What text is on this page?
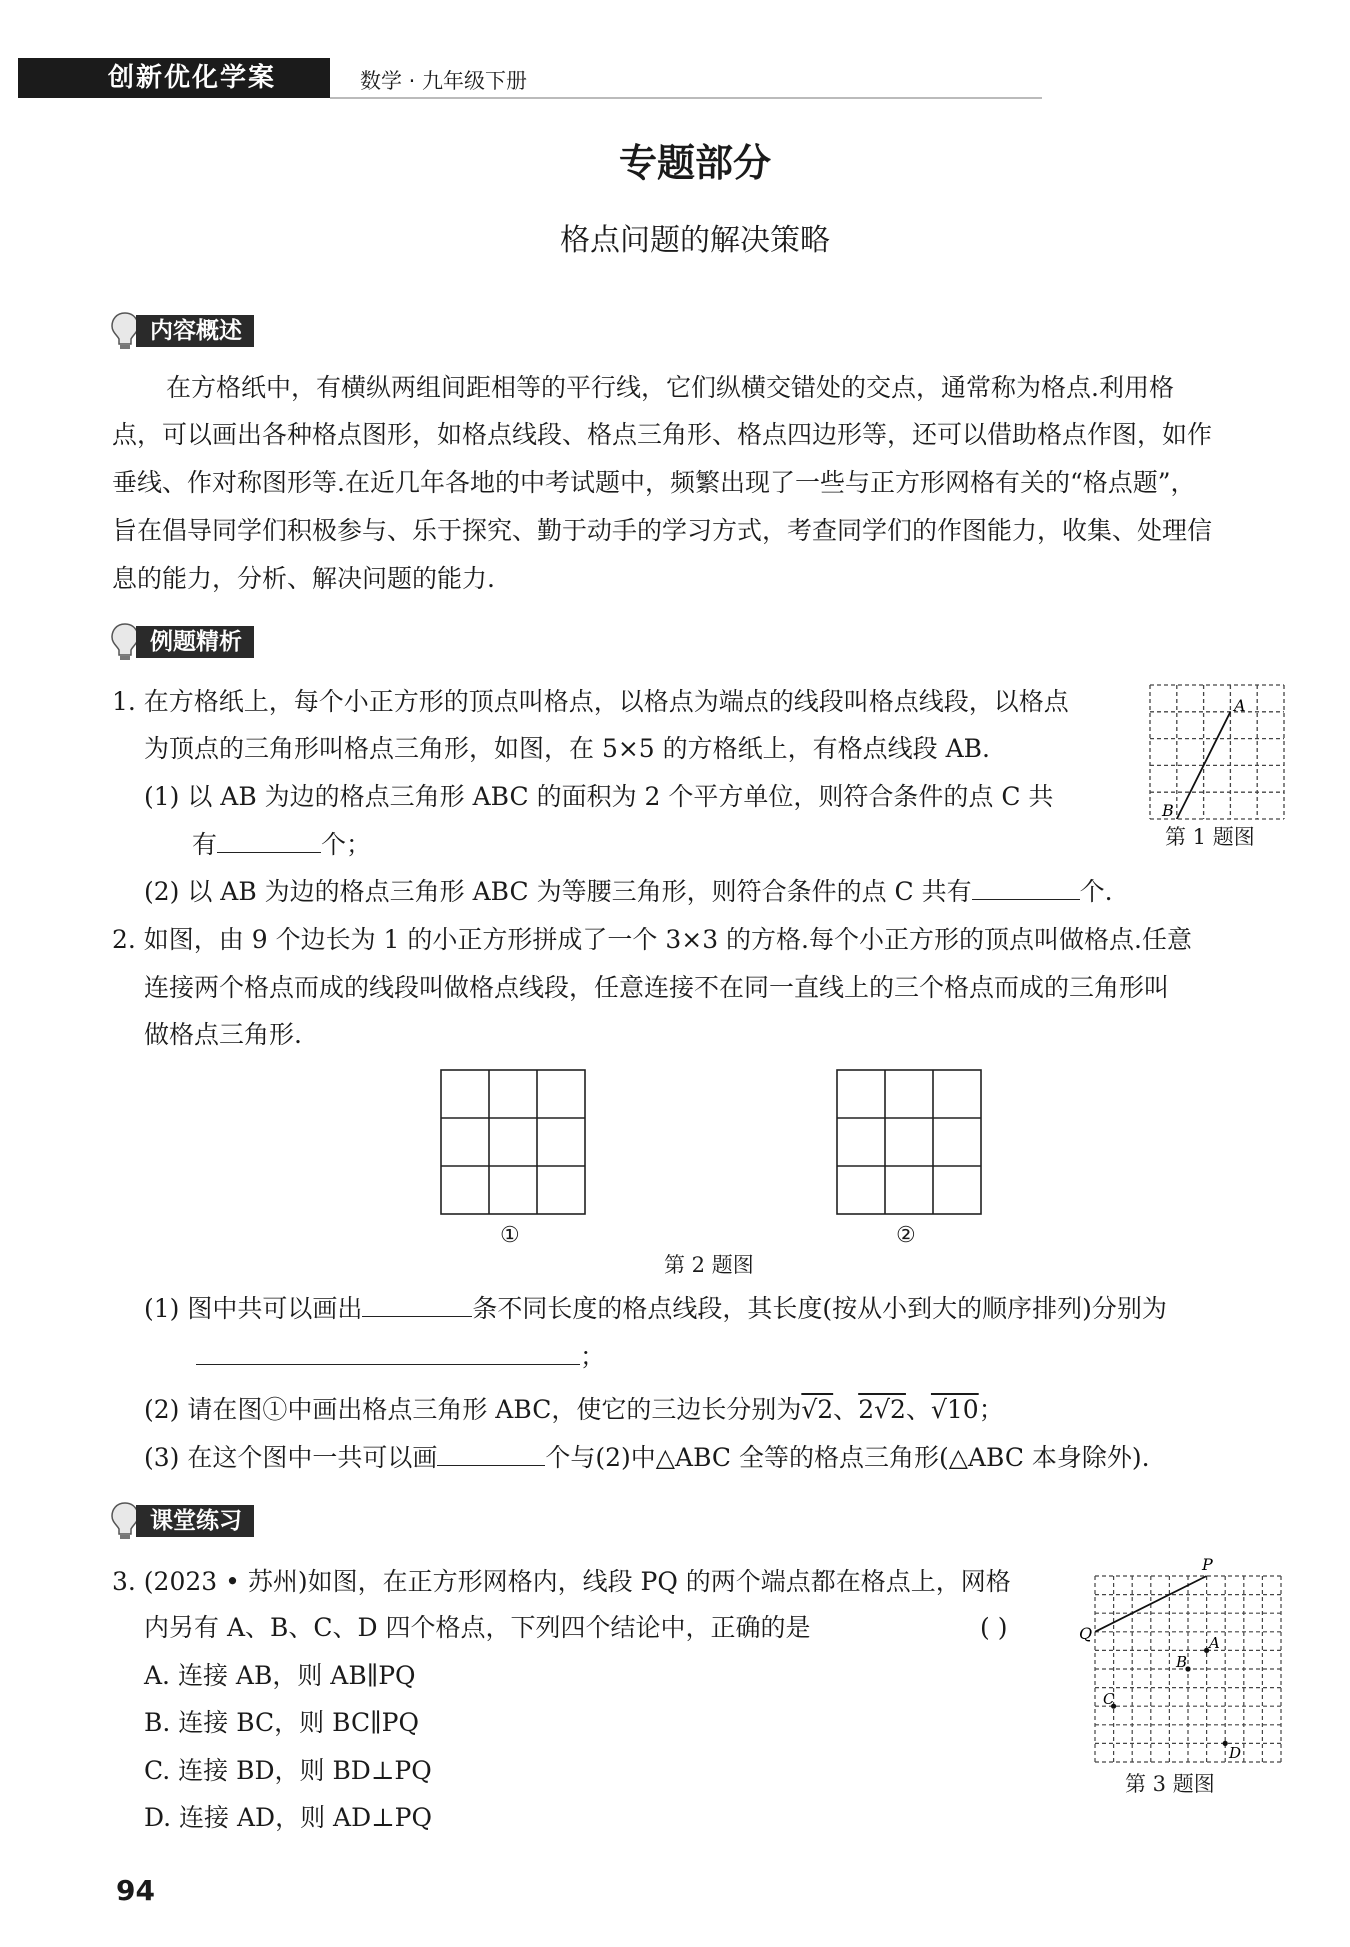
创新优化学案	数学 · 九年级下册
专题部分
格点问题的解决策略
内容概述
在方格纸中，有横纵两组间距相等的平行线，它们纵横交错处的交点，通常称为格点.利用格
点，可以画出各种格点图形，如格点线段、格点三角形、格点四边形等，还可以借助格点作图，如作
垂线、作对称图形等.在近几年各地的中考试题中，频繁出现了一些与正方形网格有关的“格点题”，
旨在倡导同学们积极参与、乐于探究、勤于动手的学习方式，考查同学们的作图能力，收集、处理信
息的能力，分析、解决问题的能力.
例题精析
1. 在方格纸上，每个小正方形的顶点叫格点，以格点为端点的线段叫格点线段，以格点
为顶点的三角形叫格点三角形，如图，在 5×5 的方格纸上，有格点线段 AB.
(1) 以 AB 为边的格点三角形 ABC 的面积为 2 个平方单位，则符合条件的点 C 共
有	个；
(2) 以 AB 为边的格点三角形 ABC 为等腰三角形，则符合条件的点 C 共有	个.
A
B
第 1 题图
2. 如图，由 9 个边长为 1 的小正方形拼成了一个 3×3 的方格.每个小正方形的顶点叫做格点.任意
连接两个格点而成的线段叫做格点线段，任意连接不在同一直线上的三个格点而成的三角形叫
做格点三角形.
①	②
第 2 题图
(1) 图中共可以画出	条不同长度的格点线段，其长度(按从小到大的顺序排列)分别为
；
(2) 请在图①中画出格点三角形 ABC，使它的三边长分别为√2、2√2、√10；
(3) 在这个图中一共可以画	个与(2)中△ABC 全等的格点三角形(△ABC 本身除外).
课堂练习
3. (2023 • 苏州)如图，在正方形网格内，线段 PQ 的两个端点都在格点上，网格
内另有 A、B、C、D 四个格点，下列四个结论中，正确的是	( )
A. 连接 AB，则 AB∥PQ
B. 连接 BC，则 BC∥PQ
C. 连接 BD，则 BD⊥PQ
D. 连接 AD，则 AD⊥PQ
P
Q	A
B
C
D
第 3 题图
94
